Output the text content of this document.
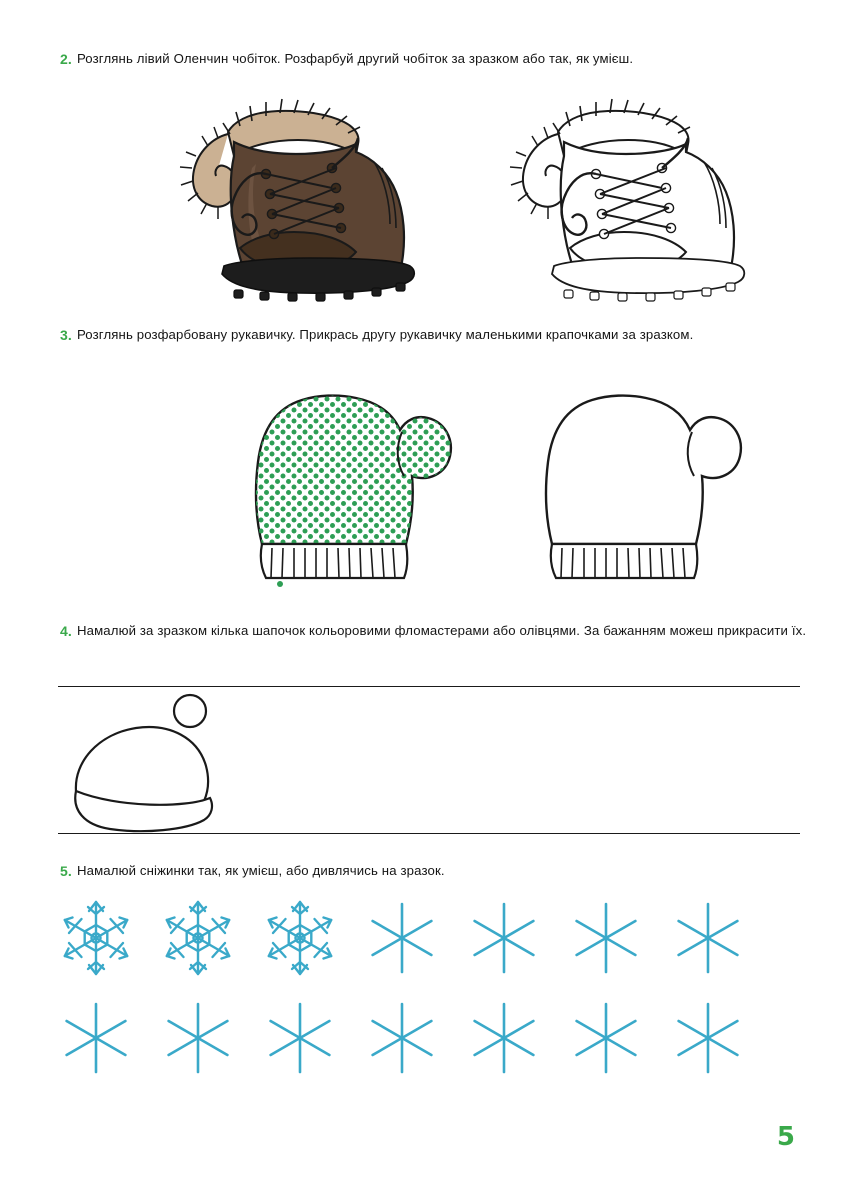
2. Розглянь лівий Оленчин чобіток. Розфарбуй другий чобіток за зразком або так, як умієш.
3. Розглянь розфарбовану рукавичку. Прикрась другу рукавичку маленькими крапочками за зразком.
4. Намалюй за зразком кілька шапочок кольоровими фломастерами або олівцями. За бажанням можеш прикрасити їх.
5. Намалюй сніжинки так, як умієш, або дивлячись на зразок.
5
